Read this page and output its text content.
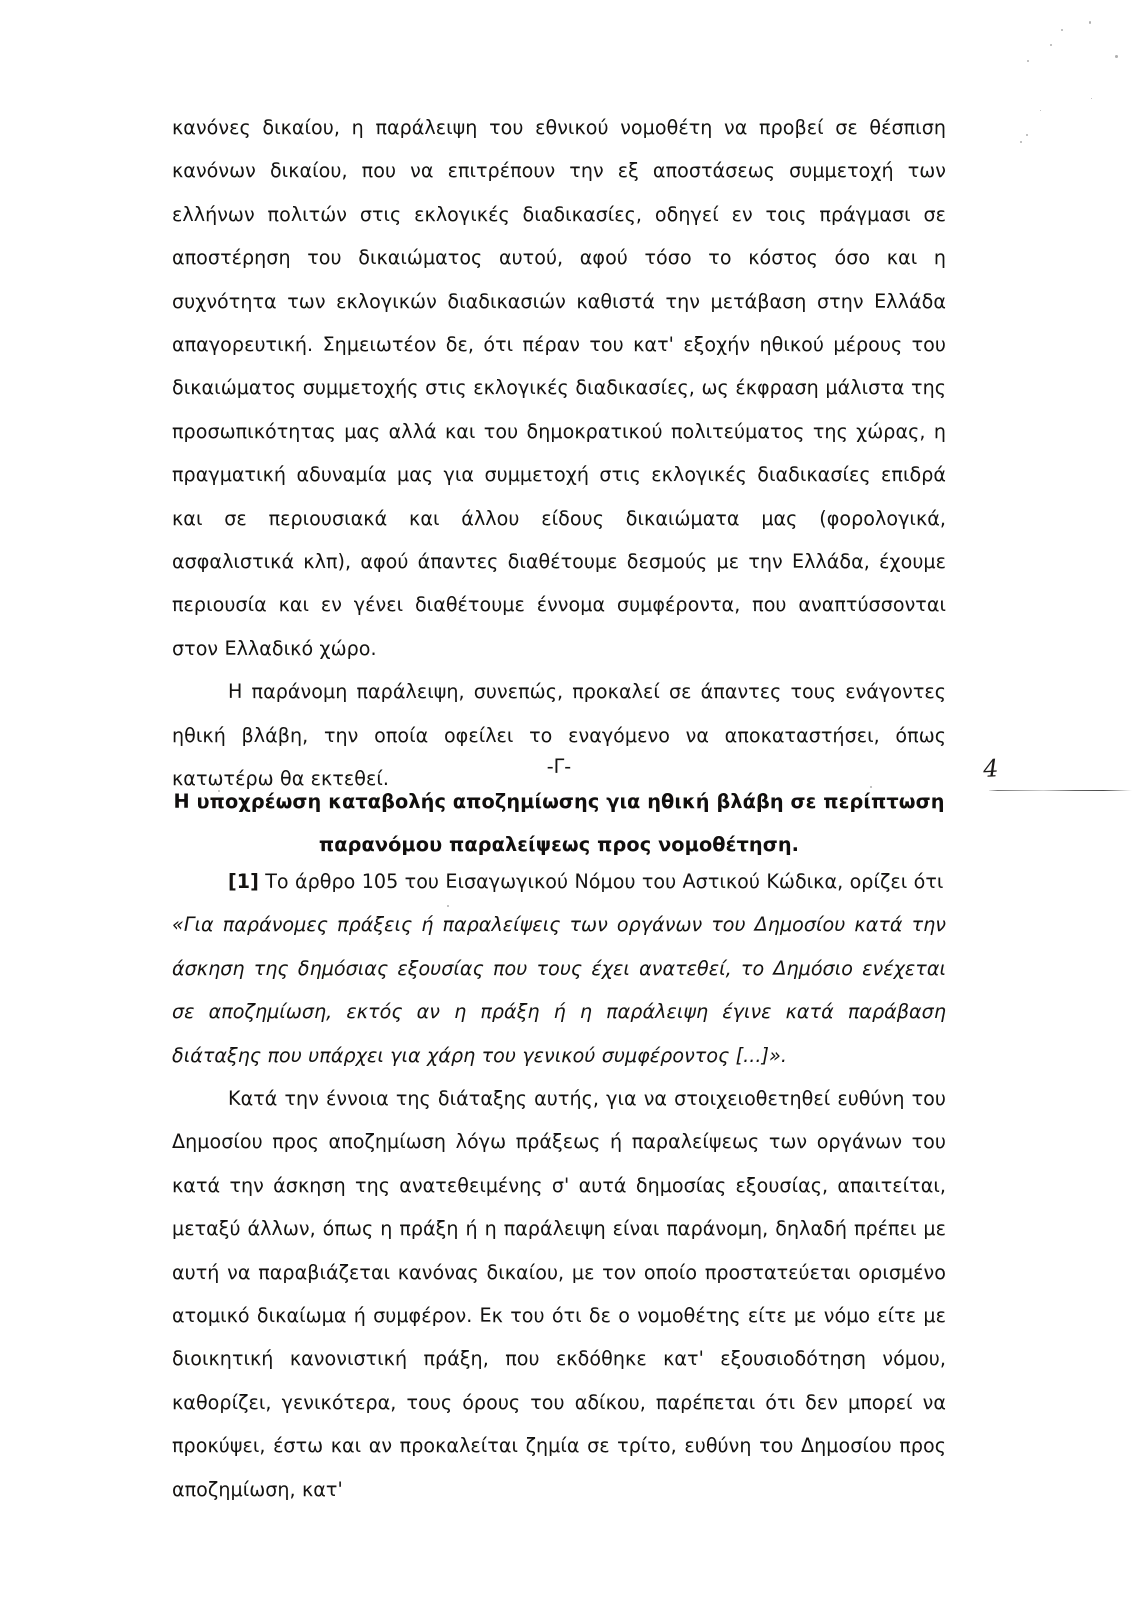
κανόνες δικαίου, η παράλειψη του εθνικού νομοθέτη να προβεί σε θέσπιση κανόνων δικαίου, που να επιτρέπουν την εξ αποστάσεως συμμετοχή των ελλήνων πολιτών στις εκλογικές διαδικασίες, οδηγεί εν τοις πράγμασι σε αποστέρηση του δικαιώματος αυτού, αφού τόσο το κόστος όσο και η συχνότητα των εκλογικών διαδικασιών καθιστά την μετάβαση στην Ελλάδα απαγορευτική. Σημειωτέον δε, ότι πέραν του κατ' εξοχήν ηθικού μέρους του δικαιώματος συμμετοχής στις εκλογικές διαδικασίες, ως έκφραση μάλιστα της προσωπικότητας μας αλλά και του δημοκρατικού πολιτεύματος της χώρας, η πραγματική αδυναμία μας για συμμετοχή στις εκλογικές διαδικασίες επιδρά και σε περιουσιακά και άλλου είδους δικαιώματα μας (φορολογικά, ασφαλιστικά κλπ), αφού άπαντες διαθέτουμε δεσμούς με την Ελλάδα, έχουμε περιουσία και εν γένει διαθέτουμε έννομα συμφέροντα, που αναπτύσσονται στον Ελλαδικό χώρο.

Η παράνομη παράλειψη, συνεπώς, προκαλεί σε άπαντες τους ενάγοντες ηθική βλάβη, την οποία οφείλει το εναγόμενο να αποκαταστήσει, όπως κατωτέρω θα εκτεθεί.

-Γ-
Η υποχρέωση καταβολής αποζημίωσης για ηθική βλάβη σε περίπτωση
παρανόμου παραλείψεως προς νομοθέτηση.

[1] Το άρθρο 105 του Εισαγωγικού Νόμου του Αστικού Κώδικα, ορίζει ότι

«Για παράνομες πράξεις ή παραλείψεις των οργάνων του Δημοσίου κατά την άσκηση της δημόσιας εξουσίας που τους έχει ανατεθεί, το Δημόσιο ενέχεται σε αποζημίωση, εκτός αν η πράξη ή η παράλειψη έγινε κατά παράβαση διάταξης που υπάρχει για χάρη του γενικού συμφέροντος [...]».

Κατά την έννοια της διάταξης αυτής, για να στοιχειοθετηθεί ευθύνη του Δημοσίου προς αποζημίωση λόγω πράξεως ή παραλείψεως των οργάνων του κατά την άσκηση της ανατεθειμένης σ' αυτά δημοσίας εξουσίας, απαιτείται, μεταξύ άλλων, όπως η πράξη ή η παράλειψη είναι παράνομη, δηλαδή πρέπει με αυτή να παραβιάζεται κανόνας δικαίου, με τον οποίο προστατεύεται ορισμένο ατομικό δικαίωμα ή συμφέρον. Εκ του ότι δε ο νομοθέτης είτε με νόμο είτε με διοικητική κανονιστική πράξη, που εκδόθηκε κατ' εξουσιοδότηση νόμου, καθορίζει, γενικότερα, τους όρους του αδίκου, παρέπεται ότι δεν μπορεί να προκύψει, έστω και αν προκαλείται ζημία σε τρίτο, ευθύνη του Δημοσίου προς αποζημίωση, κατ'

4
